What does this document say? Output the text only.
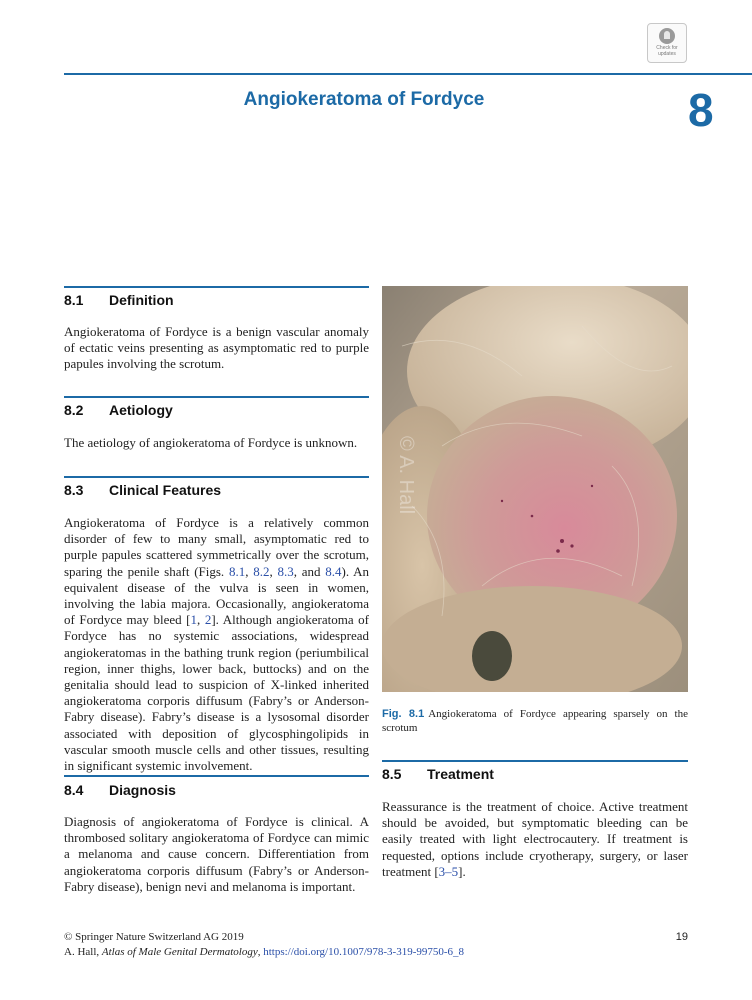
Check for
updates
Angiokeratoma of Fordyce	8
8.1 Definition
Angiokeratoma of Fordyce is a benign vascular anomaly of ectatic veins presenting as asymptomatic red to purple papules involving the scrotum.
8.2 Aetiology
The aetiology of angiokeratoma of Fordyce is unknown.
8.3 Clinical Features
Angiokeratoma of Fordyce is a relatively common disorder of few to many small, asymptomatic red to purple papules scattered symmetrically over the scrotum, sparing the penile shaft (Figs. 8.1, 8.2, 8.3, and 8.4). An equivalent disease of the vulva is seen in women, involving the labia majora. Occasionally, angiokeratoma of Fordyce may bleed [1, 2]. Although angiokeratoma of Fordyce has no systemic associations, widespread angiokeratomas in the bathing trunk region (periumbilical region, inner thighs, lower back, buttocks) and on the genitalia should lead to suspicion of X-linked inherited angiokeratoma corporis diffusum (Fabry’s or Anderson-Fabry disease). Fabry’s disease is a lysosomal disorder associated with deposition of glycosphingolipids in vascular smooth muscle cells and other tissues, resulting in significant systemic involvement.
8.4 Diagnosis
Diagnosis of angiokeratoma of Fordyce is clinical. A thrombosed solitary angiokeratoma of Fordyce can mimic a melanoma and cause concern. Differentiation from angiokeratoma corporis diffusum (Fabry’s or Anderson-Fabry disease), benign nevi and melanoma is important.
© A. Hall
Fig. 8.1 Angiokeratoma of Fordyce appearing sparsely on the scrotum
8.5 Treatment
Reassurance is the treatment of choice. Active treatment should be avoided, but symptomatic bleeding can be easily treated with light electrocautery. If treatment is requested, options include cryotherapy, surgery, or laser treatment [3–5].
© Springer Nature Switzerland AG 2019
A. Hall, Atlas of Male Genital Dermatology, https://doi.org/10.1007/978-3-319-99750-6_8
19
